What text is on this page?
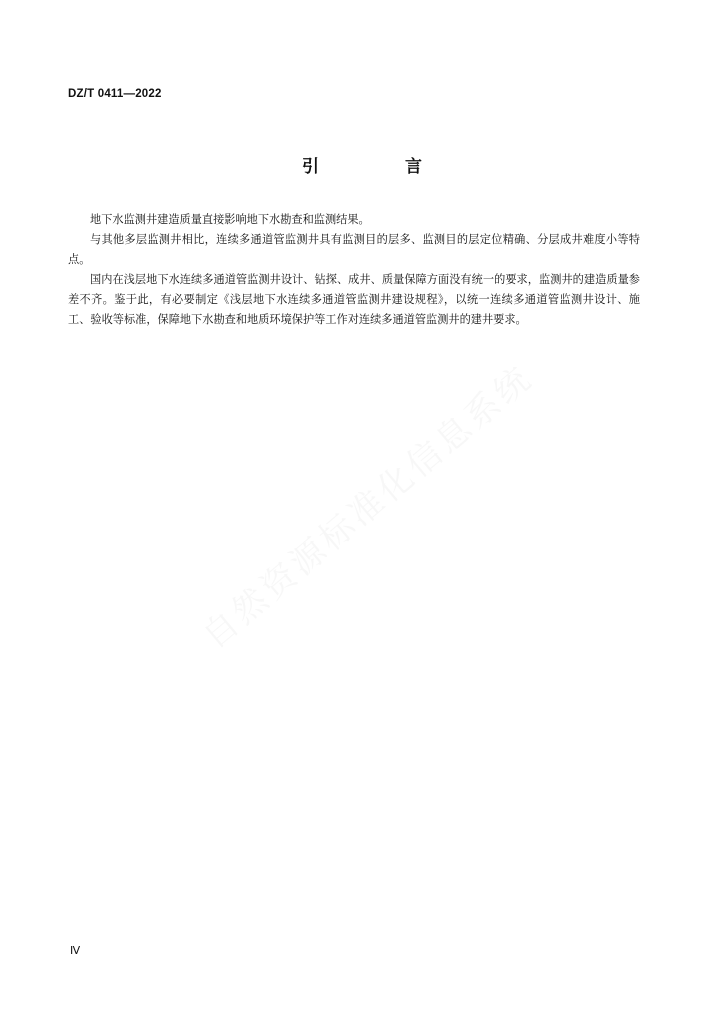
DZ/T 0411—2022
引 言

地下水监测井建造质量直接影响地下水勘查和监测结果。

与其他多层监测井相比，连续多通道管监测井具有监测目的层多、监测目的层定位精确、分层成井难度小等特点。

国内在浅层地下水连续多通道管监测井设计、钻探、成井、质量保障方面没有统一的要求，监测井的建造质量参差不齐。鉴于此，有必要制定《浅层地下水连续多通道管监测井建设规程》，以统一连续多通道管监测井设计、施工、验收等标准，保障地下水勘查和地质环境保护等工作对连续多通道管监测井的建井要求。

自然资源标准化信息系统
Ⅳ
